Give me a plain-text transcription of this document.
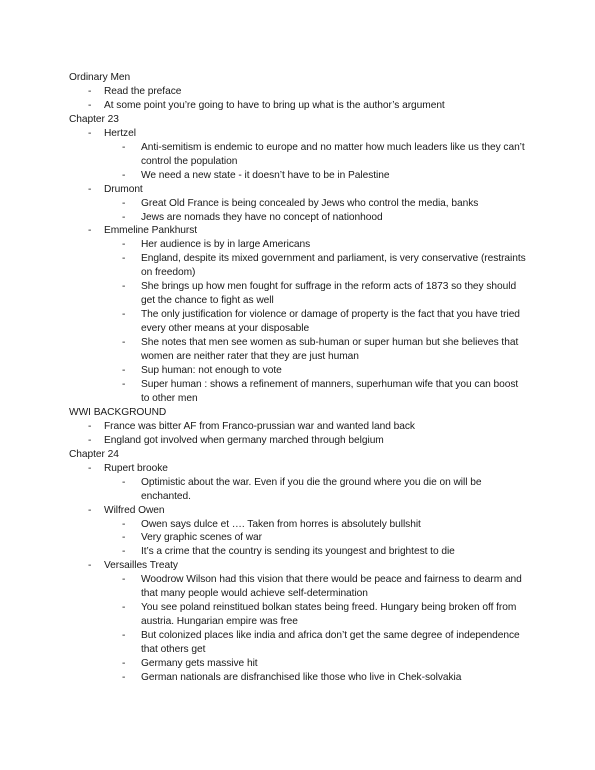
Ordinary Men
- Read the preface
- At some point you’re going to have to bring up what is the author’s argument
Chapter 23
- Hertzel
- Anti-semitism is endemic to europe and no matter how much leaders like us they can’t control the population
- We need a new state - it doesn’t have to be in Palestine
- Drumont
- Great Old France is being concealed by Jews who control the media, banks
- Jews are nomads they have no concept of nationhood
- Emmeline Pankhurst
- Her audience is by in large Americans
- England, despite its mixed government and parliament, is very conservative (restraints on freedom)
- She brings up how men fought for suffrage in the reform acts of 1873 so they should get the chance to fight as well
- The only justification for violence or damage of property is the fact that you have tried every other means at your disposable
- She notes that men see women as sub-human or super human but she believes that women are neither rater that they are just human
- Sup human: not enough to vote
- Super human : shows a refinement of manners, superhuman wife that you can boost to other men
WWI BACKGROUND
- France was bitter AF from Franco-prussian war and wanted land back
- England got involved when germany marched through belgium
Chapter 24
- Rupert brooke
- Optimistic about the war. Even if you die the ground where you die on will be enchanted.
- Wilfred Owen
- Owen says dulce et …. Taken from horres is absolutely bullshit
- Very graphic scenes of war
- It’s a crime that the country is sending its youngest and brightest to die
- Versailles Treaty
- Woodrow Wilson had this vision that there would be peace and fairness to dearm and that many people would achieve self-determination
- You see poland reinstitued bolkan states being freed. Hungary being broken off from austria. Hungarian empire was free
- But colonized places like india and africa don’t get the same degree of independence that others get
- Germany gets massive hit
- German nationals are disfranchised like those who live in Chek-solvakia
